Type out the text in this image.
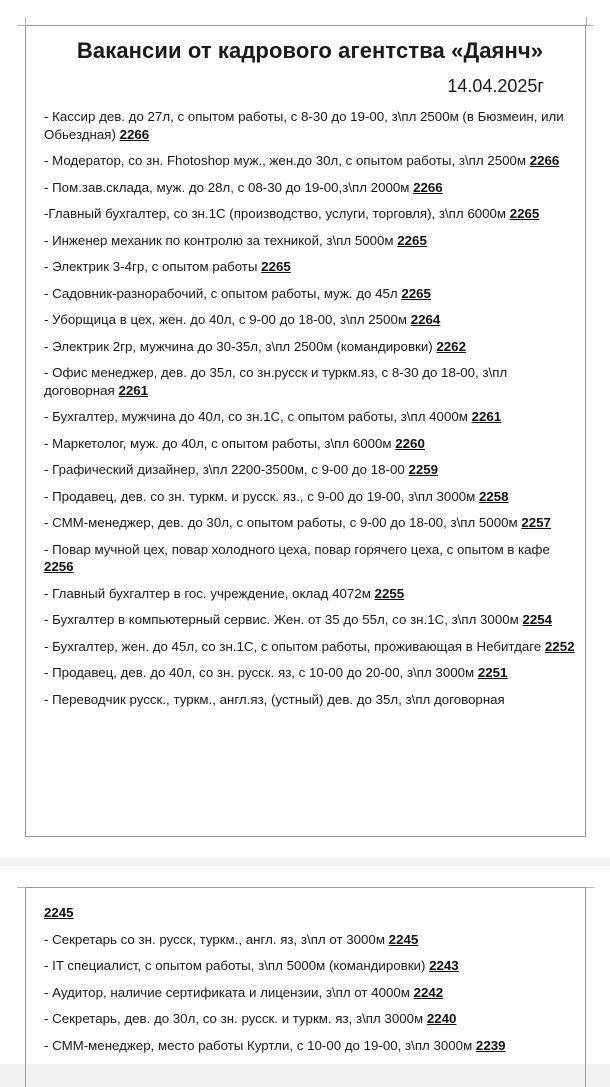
Вакансии от кадрового агентства «Даянч»
14.04.2025г
- Кассир дев. до 27л, с опытом работы, с 8-30 до 19-00, з\пл 2500м (в Бюзмеин, или Обьездная) 2266
- Модератор, со зн. Fhotoshop муж., жен.до 30л, с опытом работы, з\пл 2500м 2266
- Пом.зав.склада, муж. до 28л, с 08-30 до 19-00,з\пл 2000м 2266
-Главный бухгалтер, со зн.1С (производство, услуги, торговля), з\пл 6000м 2265
- Инженер механик по контролю за техникой, з\пл 5000м 2265
- Электрик 3-4гр, с опытом работы 2265
- Садовник-разнорабочий, с опытом работы, муж. до 45л 2265
- Уборщица в цех, жен. до 40л, с 9-00 до 18-00, з\пл 2500м 2264
- Электрик 2гр, мужчина до 30-35л, з\пл 2500м (командировки) 2262
- Офис менеджер, дев. до 35л, со зн.русск и туркм.яз, с 8-30 до 18-00, з\пл договорная 2261
- Бухгалтер, мужчина до 40л, со зн.1С, с опытом работы, з\пл 4000м 2261
- Маркетолог, муж. до 40л, с опытом работы, з\пл 6000м 2260
- Графический дизайнер, з\пл 2200-3500м, с 9-00 до 18-00 2259
- Продавец, дев. со зн. туркм. и русск. яз., с 9-00 до 19-00, з\пл 3000м 2258
- СММ-менеджер, дев. до 30л, с опытом работы, с 9-00 до 18-00, з\пл 5000м 2257
- Повар мучной цех, повар холодного цеха, повар горячего цеха, с опытом в кафе 2256
- Главный бухгалтер в гос. учреждение, оклад 4072м 2255
- Бухгалтер в компьютерный сервис. Жен. от 35 до 55л, со зн.1С, з\пл 3000м 2254
- Бухгалтер, жен. до 45л, со зн.1С, с опытом работы, проживающая в Небитдаге 2252
- Продавец, дев. до 40л, со зн. русск. яз, с 10-00 до 20-00, з\пл 3000м 2251
- Переводчик русск., туркм., англ.яз, (устный) дев. до 35л, з\пл договорная
2245
- Секретарь со зн. русск, туркм., англ. яз, з\пл от 3000м 2245
- IT специалист, с опытом работы, з\пл 5000м (командировки) 2243
- Аудитор, наличие сертификата и лицензии, з\пл от 4000м 2242
- Секретарь, дев. до 30л, со зн. русск. и туркм. яз, з\пл 3000м 2240
- СММ-менеджер, место работы Куртли, с 10-00 до 19-00, з\пл 3000м 2239
